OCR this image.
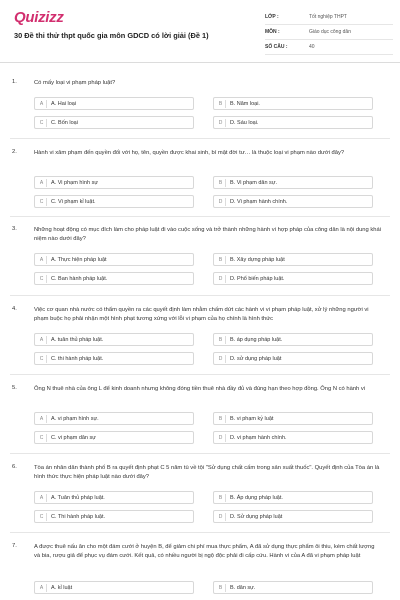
Quizizz
30 Đề thi thử thpt quốc gia môn GDCD có lời giải (Đề 1)
LỚP :	Tốt nghiệp THPT
MÔN :	Giáo dục công dân
SỐ CÂU :	40
1.	Có mấy loại vi phạm pháp luật?
A	A. Hai loại	B	B. Năm loại.
C	C. Bốn loại	D	D. Sáu loại.
2.	Hành vi xâm phạm đến quyền đối với họ, tên, quyền được khai sinh, bí mật đời tư… là thuộc loại vi phạm nào dưới đây?
A	A. Vi phạm hình sự	B	B. Vi phạm dân sự.
C	C. Vi phạm kỉ luật.	D	D. Vi phạm hành chính.
3.	Những hoạt động có mục đích làm cho pháp luật đi vào cuộc sống và trở thành những hành vi hợp pháp của công dân là nội dung khái niệm nào dưới đây?
A	A. Thực hiện pháp luật	B	B. Xây dựng pháp luật
C	C. Ban hành pháp luật.	D	D. Phổ biến pháp luật.
4.	Việc cơ quan nhà nước có thẩm quyền ra các quyết định làm nhằm chấm dứt các hành vi vi phạm pháp luật, xử lý những người vi phạm buộc họ phải nhận một hình phạt tương xứng với lỗi vi phạm của họ chính là hình thức
A	A. tuân thủ pháp luật.	B	B. áp dụng pháp luật.
C	C. thi hành pháp luật.	D	D. sử dụng pháp luật
5.	Ông N thuê nhà của ông L để kinh doanh nhưng không đóng tiền thuê nhà đầy đủ và đúng hạn theo hợp đồng. Ông N có hành vi
A	A. vi phạm hình sự.	B	B. vi phạm kỷ luật
C	C. vi phạm dân sự	D	D. vi phạm hành chính.
6.	Tòa án nhân dân thành phố B ra quyết định phạt C 5 năm tù về tội "Sử dụng chất cấm trong sản xuất thuốc". Quyết định của Tòa án là hình thức thực hiện pháp luật nào dưới đây?
A	A. Tuân thủ pháp luật.	B	B. Áp dụng pháp luật.
C	C. Thi hành pháp luật.	D	D. Sử dụng pháp luật
7.	A được thuê nấu ăn cho một đám cưới ở huyện B, để giảm chi phí mua thực phẩm, A đã sử dụng thực phẩm ôi thiu, kém chất lượng và bia, rượu giả để phục vụ đám cưới. Kết quả, có nhiều người bị ngộ độc phải đi cấp cứu. Hành vi của A đã vi phạm pháp luật
A	A. kỉ luật	B	B. dân sự.
